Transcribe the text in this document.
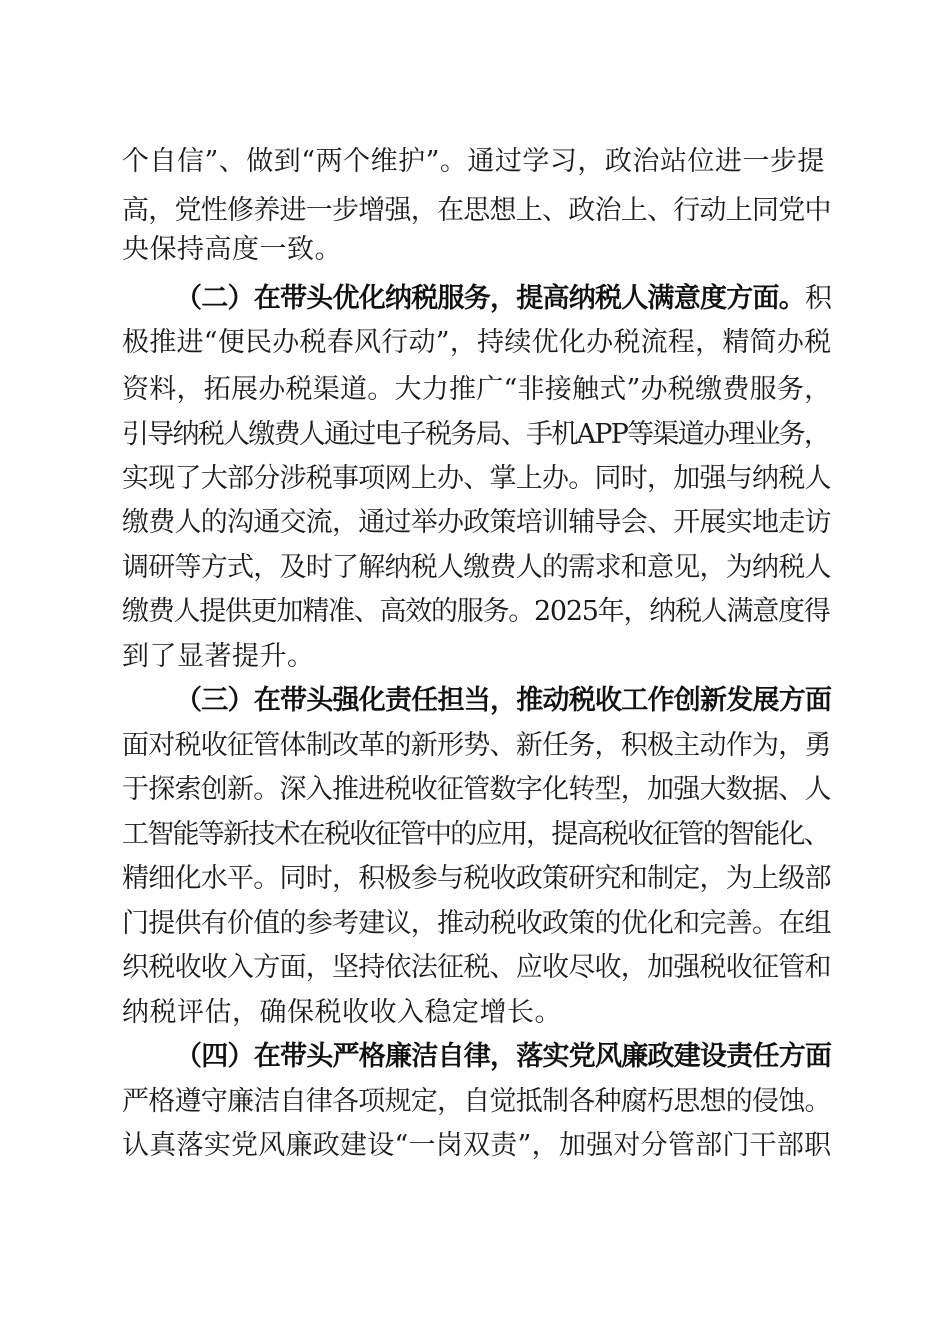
个自信”、做到“两个维护”。通过学习，政治站位进一步提
高，党性修养进一步增强，在思想上、政治上、行动上同党中
央保持高度一致。
（二）在带头优化纳税服务，提高纳税人满意度方面。积
极推进“便民办税春风行动”，持续优化办税流程，精简办税
资料，拓展办税渠道。大力推广“非接触式”办税缴费服务，
引导纳税人缴费人通过电子税务局、手机APP等渠道办理业务，
实现了大部分涉税事项网上办、掌上办。同时，加强与纳税人
缴费人的沟通交流，通过举办政策培训辅导会、开展实地走访
调研等方式，及时了解纳税人缴费人的需求和意见，为纳税人
缴费人提供更加精准、高效的服务。2025年，纳税人满意度得
到了显著提升。
（三）在带头强化责任担当，推动税收工作创新发展方面
面对税收征管体制改革的新形势、新任务，积极主动作为，勇
于探索创新。深入推进税收征管数字化转型，加强大数据、人
工智能等新技术在税收征管中的应用，提高税收征管的智能化、
精细化水平。同时，积极参与税收政策研究和制定，为上级部
门提供有价值的参考建议，推动税收政策的优化和完善。在组
织税收收入方面，坚持依法征税、应收尽收，加强税收征管和
纳税评估，确保税收收入稳定增长。
（四）在带头严格廉洁自律，落实党风廉政建设责任方面
严格遵守廉洁自律各项规定，自觉抵制各种腐朽思想的侵蚀。
认真落实党风廉政建设“一岗双责”，加强对分管部门干部职
